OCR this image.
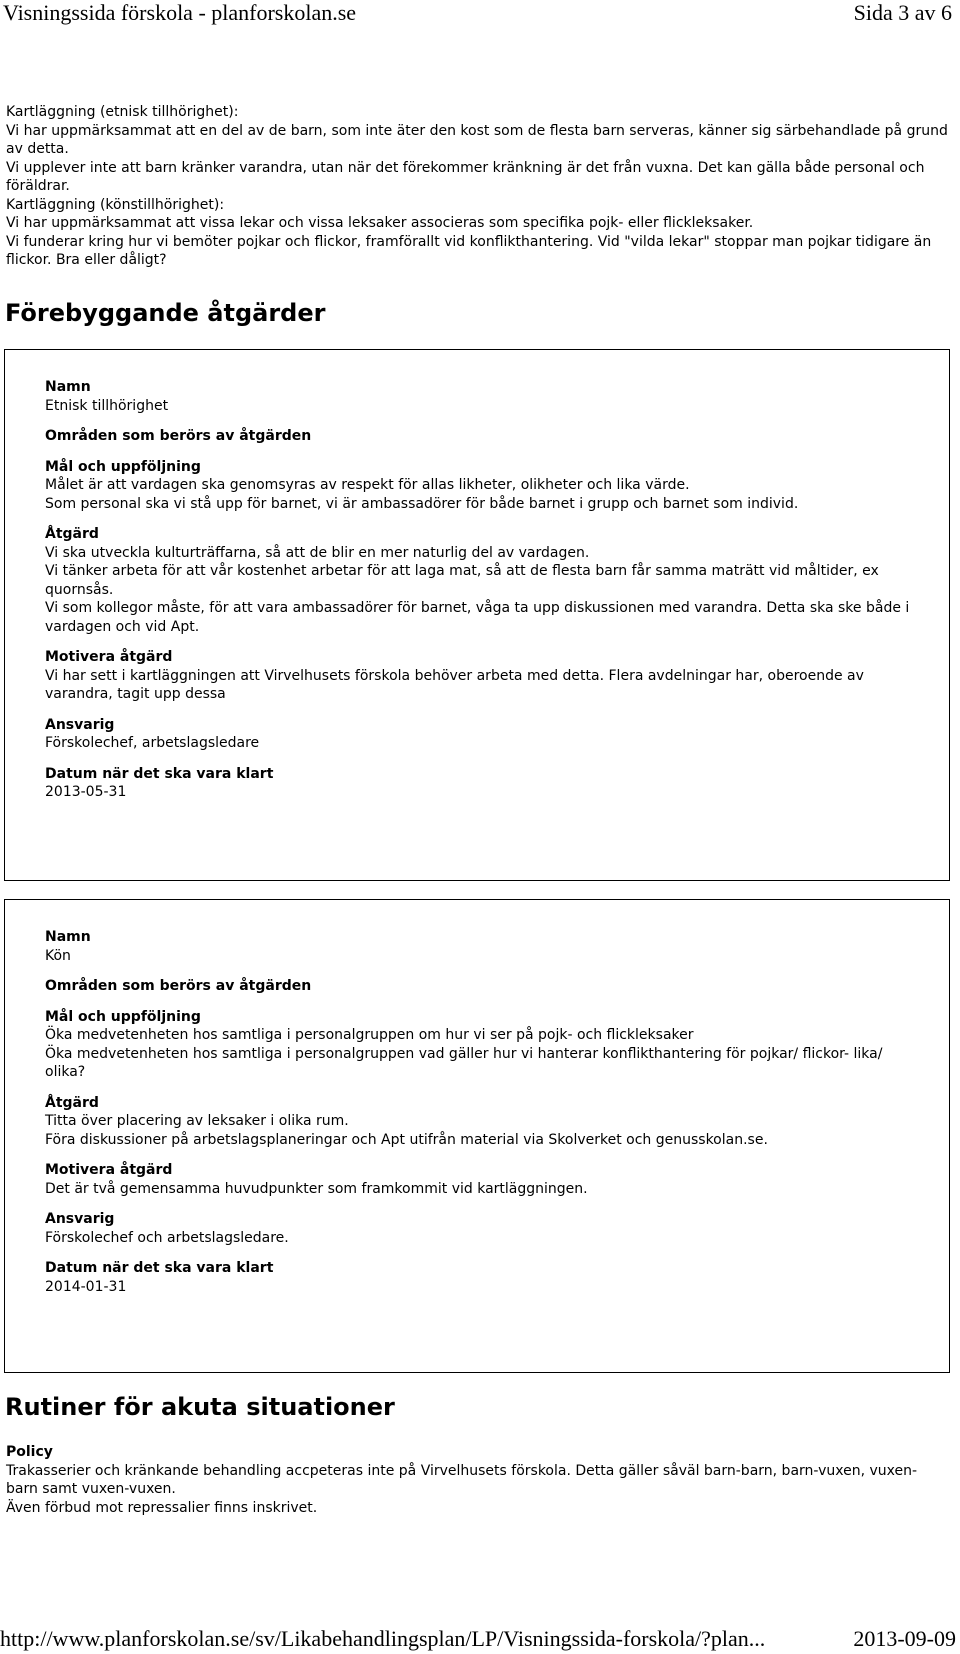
Visningssida förskola - planforskolan.se	Sida 3 av 6

Kartläggning (etnisk tillhörighet):

Vi har uppmärksammat att en del av de barn, som inte äter den kost som de flesta barn serveras, känner sig särbehandlade på grund av detta.

Vi upplever inte att barn kränker varandra, utan när det förekommer kränkning är det från vuxna. Det kan gälla både personal och föräldrar.

Kartläggning (könstillhörighet):

Vi har uppmärksammat att vissa lekar och vissa leksaker associeras som specifika pojk- eller flickleksaker.

Vi funderar kring hur vi bemöter pojkar och flickor, framförallt vid konflikthantering. Vid "vilda lekar" stoppar man pojkar tidigare än flickor. Bra eller dåligt?

Förebyggande åtgärder
Namn
Etnisk tillhörighet
Områden som berörs av åtgärden
Mål och uppföljning
Målet är att vardagen ska genomsyras av respekt för allas likheter, olikheter och lika värde.
Som personal ska vi stå upp för barnet, vi är ambassadörer för både barnet i grupp och barnet som individ.
Åtgärd
Vi ska utveckla kulturträffarna, så att de blir en mer naturlig del av vardagen.
Vi tänker arbeta för att vår kostenhet arbetar för att laga mat, så att de flesta barn får samma maträtt vid måltider, ex quornsås.
Vi som kollegor måste, för att vara ambassadörer för barnet, våga ta upp diskussionen med varandra. Detta ska ske både i vardagen och vid Apt.
Motivera åtgärd
Vi har sett i kartläggningen att Virvelhusets förskola behöver arbeta med detta. Flera avdelningar har, oberoende av varandra, tagit upp dessa
Ansvarig
Förskolechef, arbetslagsledare
Datum när det ska vara klart
2013-05-31
Namn
Kön
Områden som berörs av åtgärden
Mål och uppföljning
Öka medvetenheten hos samtliga i personalgruppen om hur vi ser på pojk- och flickleksaker
Öka medvetenheten hos samtliga i personalgruppen vad gäller hur vi hanterar konflikthantering för pojkar/ flickor- lika/ olika?
Åtgärd
Titta över placering av leksaker i olika rum.
Föra diskussioner på arbetslagsplaneringar och Apt utifrån material via Skolverket och genusskolan.se.
Motivera åtgärd
Det är två gemensamma huvudpunkter som framkommit vid kartläggningen.
Ansvarig
Förskolechef och arbetslagsledare.
Datum när det ska vara klart
2014-01-31
Rutiner för akuta situationer
Policy
Trakasserier och kränkande behandling accpeteras inte på Virvelhusets förskola. Detta gäller såväl barn-barn, barn-vuxen, vuxen-barn samt vuxen-vuxen.
Även förbud mot repressalier finns inskrivet.
http://www.planforskolan.se/sv/Likabehandlingsplan/LP/Visningssida-forskola/?plan...	2013-09-09
